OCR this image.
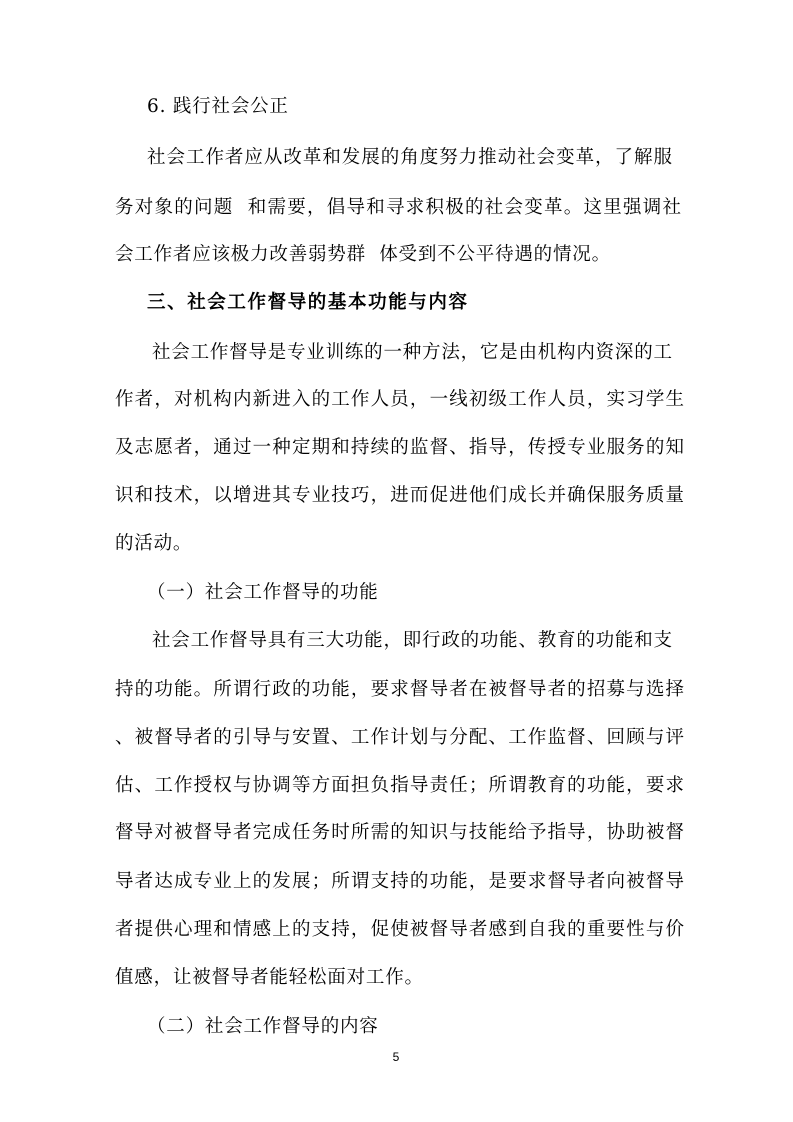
6. 践行社会公正
社会工作者应从改革和发展的角度努力推动社会变革，了解服
务对象的问题  和需要，倡导和寻求积极的社会变革。这里强调社
会工作者应该极力改善弱势群  体受到不公平待遇的情况。
三、社会工作督导的基本功能与内容
社会工作督导是专业训练的一种方法，它是由机构内资深的工
作者，对机构内新进入的工作人员，一线初级工作人员，实习学生
及志愿者，通过一种定期和持续的监督、指导，传授专业服务的知
识和技术，以增进其专业技巧，进而促进他们成长并确保服务质量
的活动。
（一）社会工作督导的功能
社会工作督导具有三大功能，即行政的功能、教育的功能和支
持的功能。所谓行政的功能，要求督导者在被督导者的招募与选择
、被督导者的引导与安置、工作计划与分配、工作监督、回顾与评
估、工作授权与协调等方面担负指导责任；所谓教育的功能，要求
督导对被督导者完成任务时所需的知识与技能给予指导，协助被督
导者达成专业上的发展；所谓支持的功能，是要求督导者向被督导
者提供心理和情感上的支持，促使被督导者感到自我的重要性与价
值感，让被督导者能轻松面对工作。
（二）社会工作督导的内容
5
